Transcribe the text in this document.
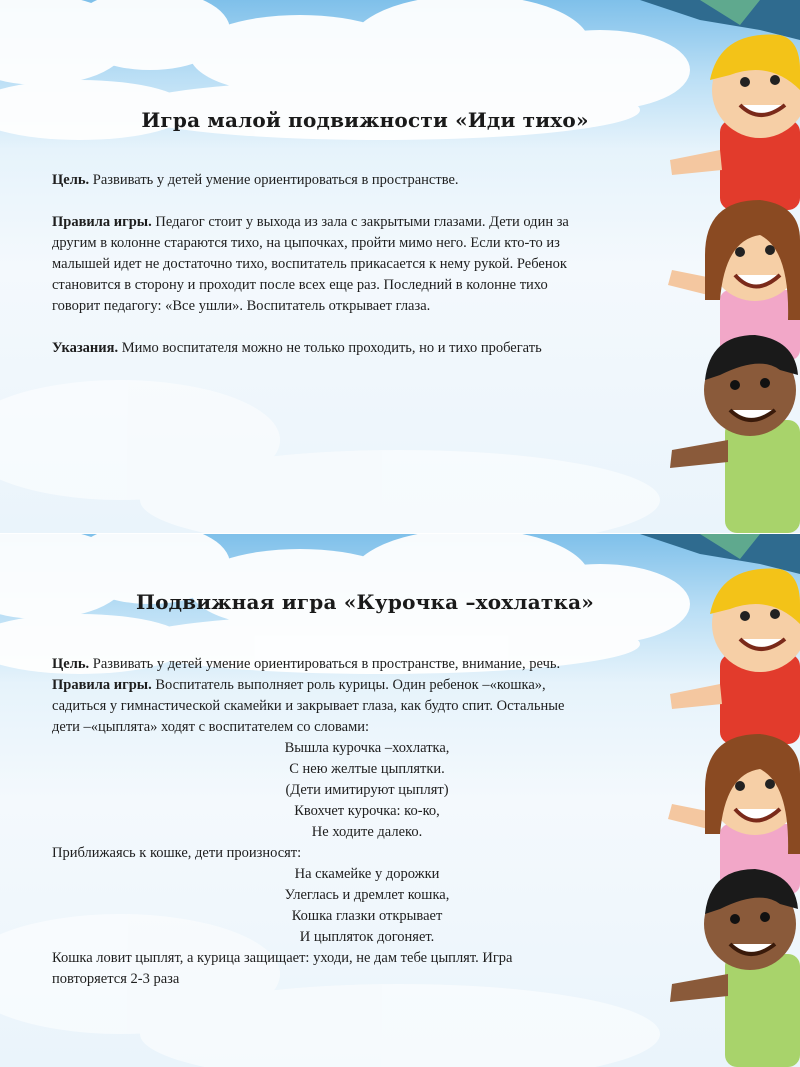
Игра малой подвижности «Иди тихо»

Цель. Развивать у детей умение ориентироваться в пространстве.

Правила игры. Педагог стоит у выхода из зала с закрытыми глазами. Дети один за

другим в колонне стараются тихо, на цыпочках, пройти мимо него. Если кто-то из

малышей идет не достаточно тихо, воспитатель прикасается к нему рукой. Ребенок

становится в сторону и проходит после всех еще раз. Последний в колонне тихо

говорит педагогу: «Все ушли». Воспитатель открывает глаза.

Указания. Мимо воспитателя можно не только проходить, но и тихо пробегать

Подвижная игра «Курочка –хохлатка»

Цель. Развивать у детей умение ориентироваться в пространстве, внимание, речь.

Правила игры. Воспитатель выполняет роль курицы. Один ребенок –«кошка»,

садиться у гимнастической скамейки и закрывает глаза, как будто спит. Остальные

дети –«цыплята» ходят с воспитателем со словами:

Вышла курочка –хохлатка,

С нею желтые цыплятки.

(Дети имитируют цыплят)

Квохчет курочка: ко-ко,

Не ходите далеко.

Приближаясь к кошке, дети произносят:

На скамейке у дорожки

Улеглась и дремлет кошка,

Кошка глазки открывает

И цыпляток догоняет.

Кошка ловит цыплят, а курица защищает: уходи, не дам тебе цыплят. Игра

повторяется 2-3 раза
